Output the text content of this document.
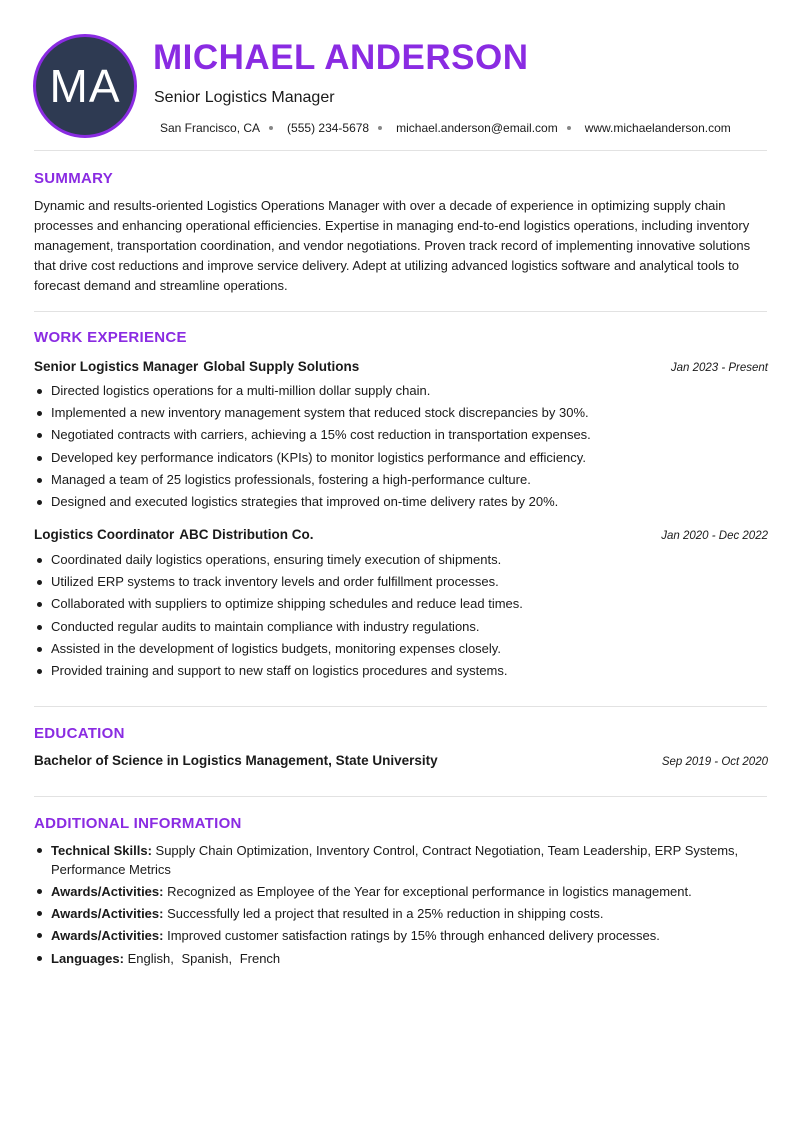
MA
MICHAEL ANDERSON
Senior Logistics Manager
San Francisco, CA (555) 234-5678 michael.anderson@email.com www.michaelanderson.com
SUMMARY
Dynamic and results-oriented Logistics Operations Manager with over a decade of experience in optimizing supply chain processes and enhancing operational efficiencies. Expertise in managing end-to-end logistics operations, including inventory management, transportation coordination, and vendor negotiations. Proven track record of implementing innovative solutions that drive cost reductions and improve service delivery. Adept at utilizing advanced logistics software and analytical tools to forecast demand and streamline operations.
WORK EXPERIENCE
Senior Logistics Manager Global Supply Solutions	Jan 2023 - Present
Directed logistics operations for a multi-million dollar supply chain.
Implemented a new inventory management system that reduced stock discrepancies by 30%.
Negotiated contracts with carriers, achieving a 15% cost reduction in transportation expenses.
Developed key performance indicators (KPIs) to monitor logistics performance and efficiency.
Managed a team of 25 logistics professionals, fostering a high-performance culture.
Designed and executed logistics strategies that improved on-time delivery rates by 20%.
Logistics Coordinator ABC Distribution Co.	Jan 2020 - Dec 2022
Coordinated daily logistics operations, ensuring timely execution of shipments.
Utilized ERP systems to track inventory levels and order fulfillment processes.
Collaborated with suppliers to optimize shipping schedules and reduce lead times.
Conducted regular audits to maintain compliance with industry regulations.
Assisted in the development of logistics budgets, monitoring expenses closely.
Provided training and support to new staff on logistics procedures and systems.
EDUCATION
Bachelor of Science in Logistics Management, State University	Sep 2019 - Oct 2020
ADDITIONAL INFORMATION
Technical Skills: Supply Chain Optimization, Inventory Control, Contract Negotiation, Team Leadership, ERP Systems, Performance Metrics
Awards/Activities: Recognized as Employee of the Year for exceptional performance in logistics management.
Awards/Activities: Successfully led a project that resulted in a 25% reduction in shipping costs.
Awards/Activities: Improved customer satisfaction ratings by 15% through enhanced delivery processes.
Languages: English, Spanish, French
